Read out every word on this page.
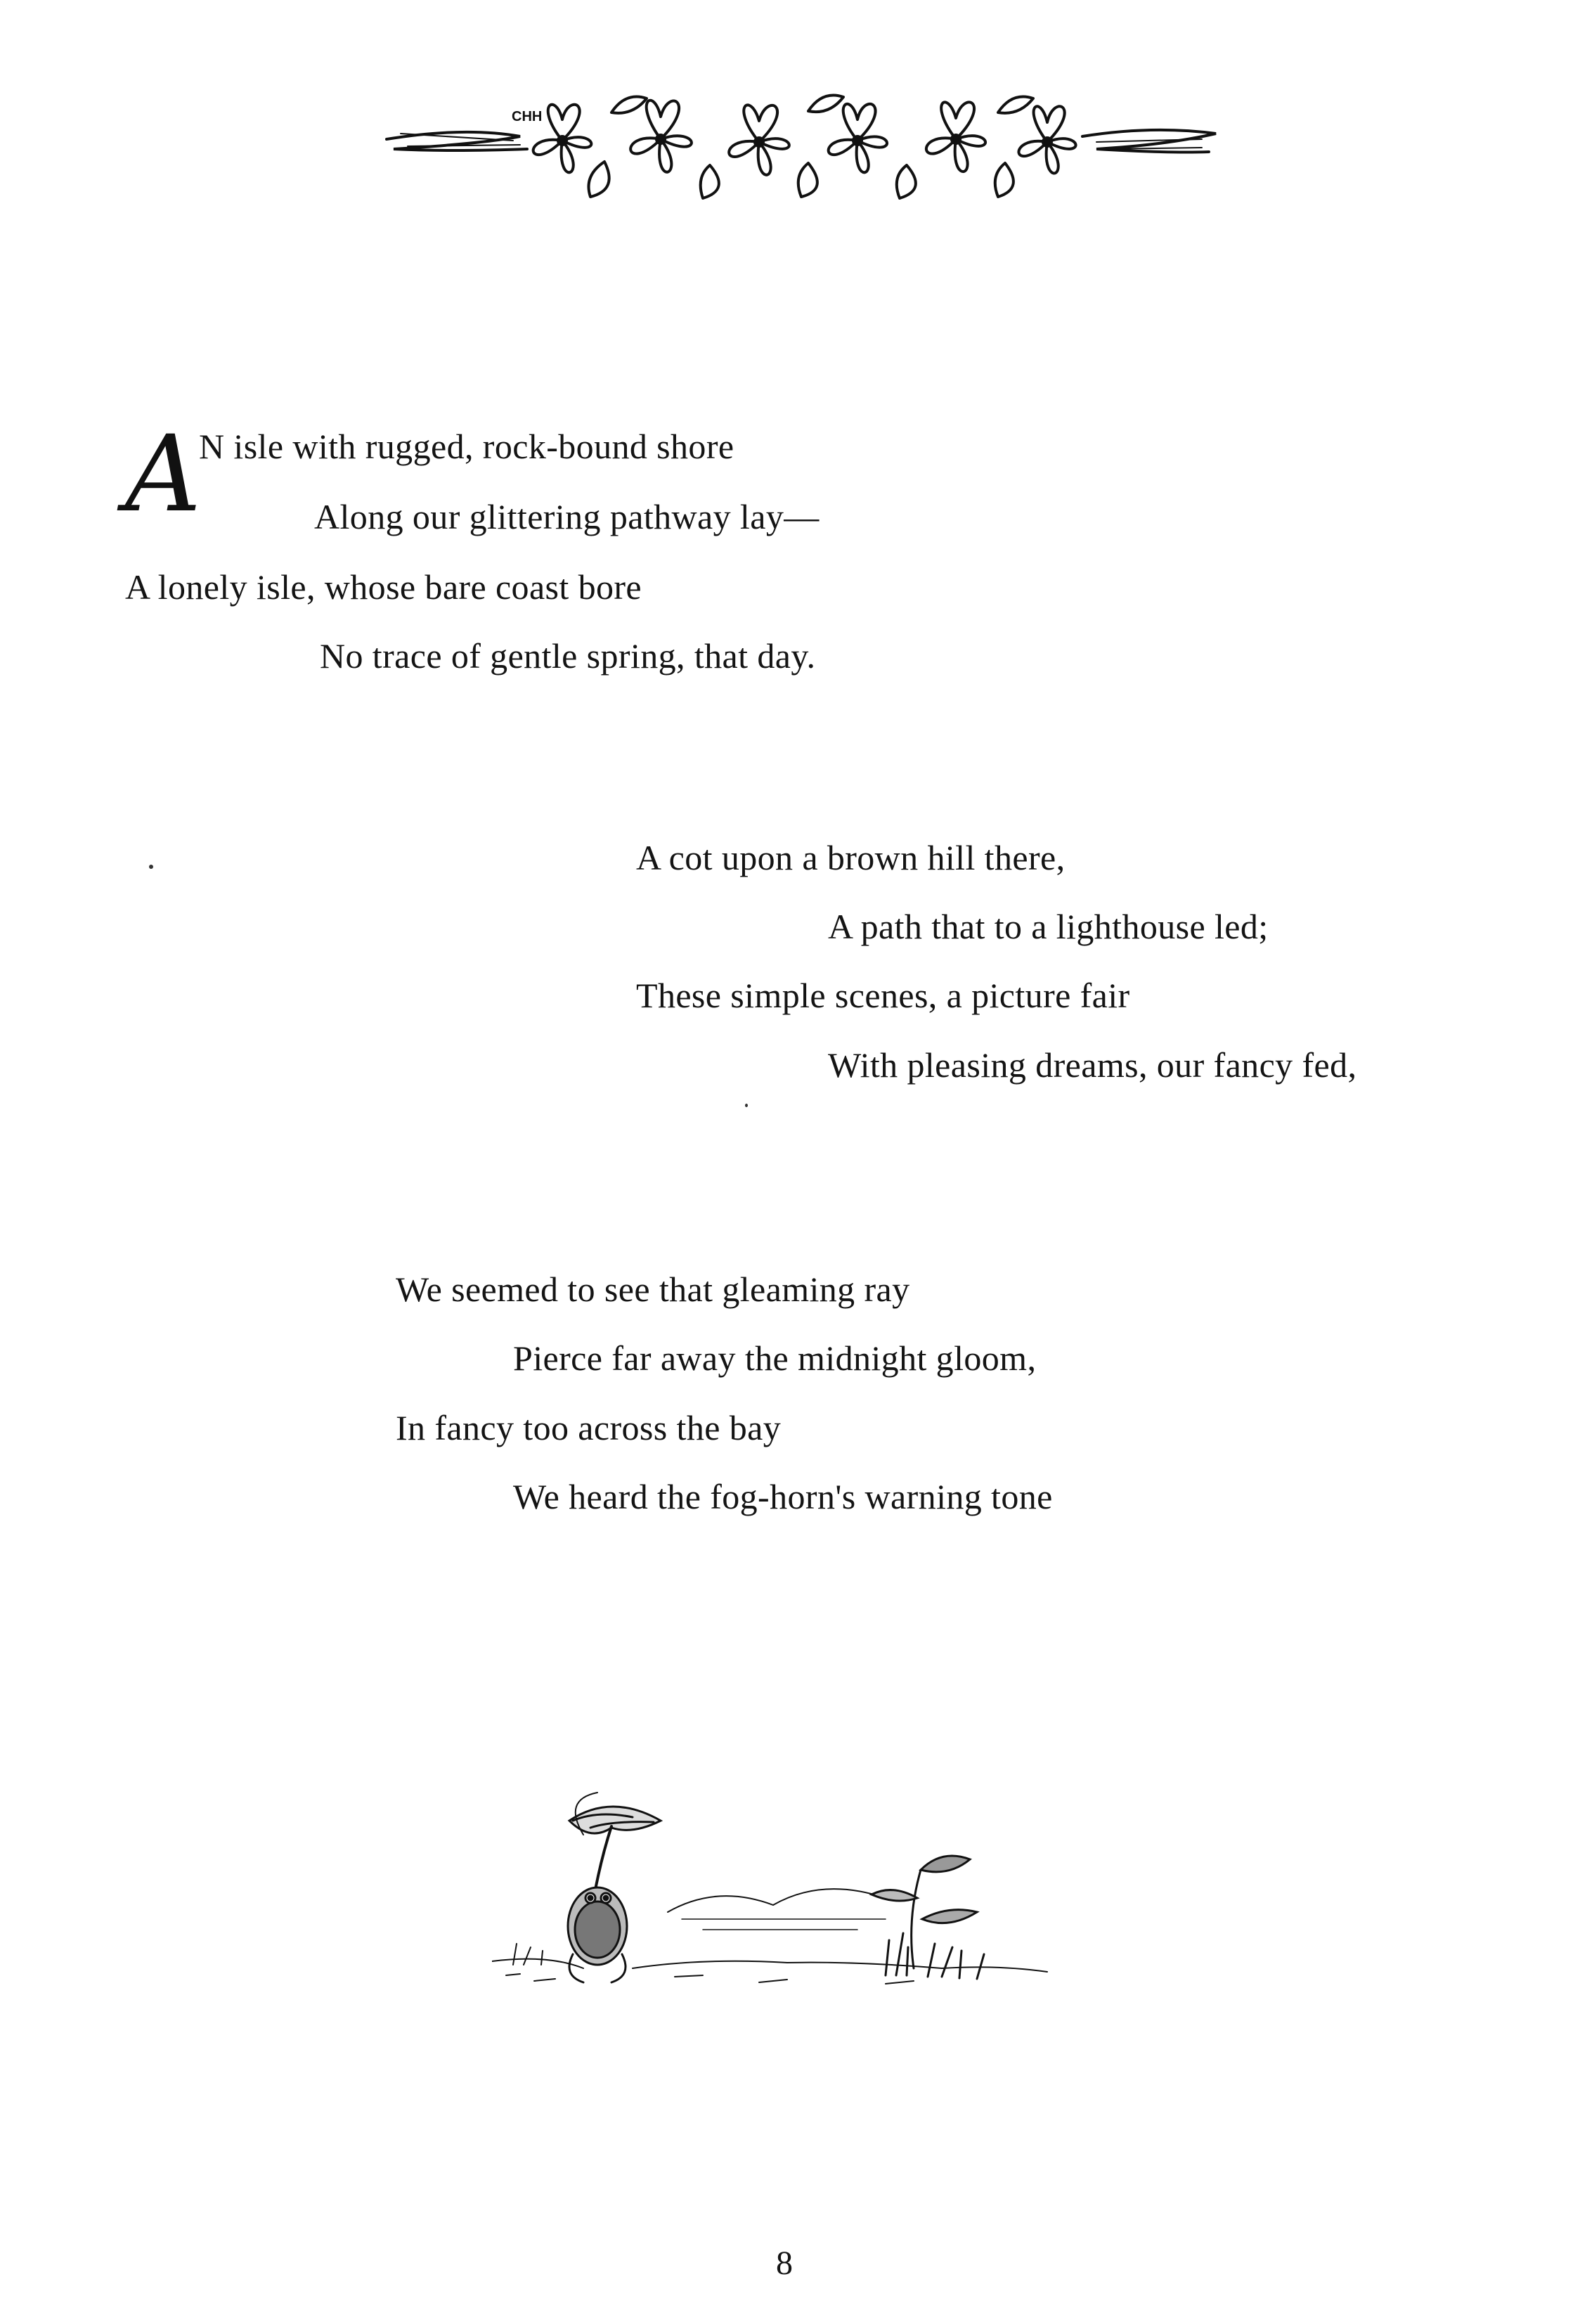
CHH
A
N isle with rugged, rock-bound shore
Along our glittering pathway lay—
A lonely isle, whose bare coast bore
No trace of gentle spring, that day.
A cot upon a brown hill there,
A path that to a lighthouse led;
These simple scenes, a picture fair
With pleasing dreams, our fancy fed,
We seemed to see that gleaming ray
Pierce far away the midnight gloom,
In fancy too across the bay
We heard the fog-horn's warning tone
8
